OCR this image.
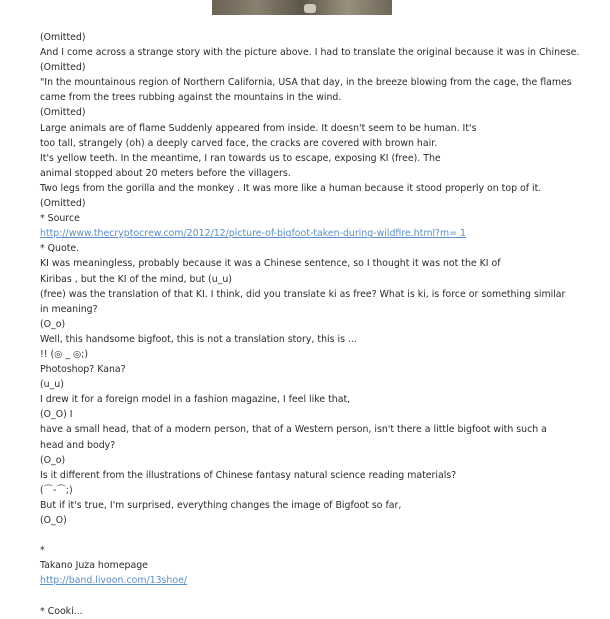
(Omitted)
And I come across a strange story with the picture above. I had to translate the original because it was in Chinese.
(Omitted)
"In the mountainous region of Northern California, USA that day, in the breeze blowing from the cage, the flames came from the trees rubbing against the mountains in the wind.
(Omitted)
Large animals are of flame Suddenly appeared from inside. It doesn't seem to be human. It's
too tall, strangely (oh) a deeply carved face, the cracks are covered with brown hair.
It's yellow teeth. In the meantime, I ran towards us to escape, exposing KI (free). The
animal stopped about 20 meters before the villagers.
Two legs from the gorilla and the monkey . It was more like a human because it stood properly on top of it.
(Omitted)
* Source
http://www.thecryptocrew.com/2012/12/picture-of-bigfoot-taken-during-wildfire.html?m= 1
* Quote.
KI was meaningless, probably because it was a Chinese sentence, so I thought it was not the KI of
Kiribas , but the KI of the mind, but (u_u)
(free) was the translation of that KI. I think, did you translate ki as free? What is ki, is force or something similar in meaning?
(O_o)
Well, this handsome bigfoot, this is not a translation story, this is ...
!! (◎ _ ◎;)
Photoshop? Kana?
(u_u)
I drew it for a foreign model in a fashion magazine, I feel like that,
(O_O) I
have a small head, that of a modern person, that of a Western person, isn't there a little bigfoot with such a head and body?
(O_o)
Is it different from the illustrations of Chinese fantasy natural science reading materials?
(⌒-⌒;)
But if it's true, I'm surprised, everything changes the image of Bigfoot so far,
(O_O)
*
Takano Juza homepage
http://band.livoon.com/13shoe/
* Cooki...
